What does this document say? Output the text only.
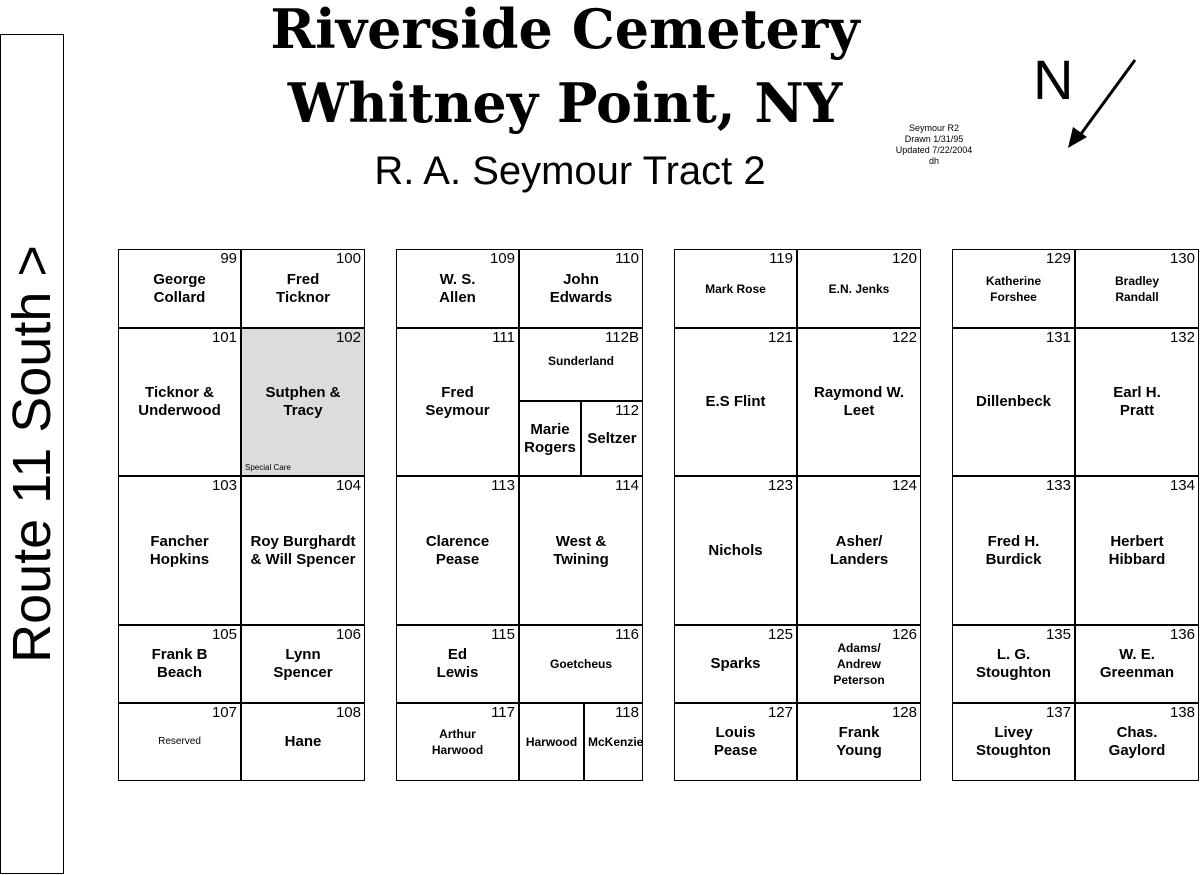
Riverside Cemetery
Whitney Point, NY
R. A. Seymour Tract 2
Seymour R2
Drawn 1/31/95
Updated 7/22/2004
dh
N
Route 11 South >	99
George
Collard
100
Fred
Ticknor
101
Ticknor &
Underwood
102
Sutphen &
Tracy
Special Care
103
Fancher
Hopkins
104
Roy Burghardt
& Will Spencer
105
Frank B
Beach
106
Lynn
Spencer
107
Reserved
108
Hane
109
W. S.
Allen
110
John
Edwards
111
Fred
Seymour
112B
Sunderland
Marie
Rogers
112
Seltzer
113
Clarence
Pease
114
West &
Twining
115
Ed
Lewis
116
Goetcheus
117
Arthur
Harwood
Harwood
118
McKenzie
119
Mark Rose
120
E.N. Jenks
121
E.S Flint
122
Raymond W.
Leet
123
Nichols
124
Asher/
Landers
125
Sparks
126
Adams/
Andrew
Peterson
127
Louis
Pease
128
Frank
Young
129
Katherine
Forshee
130
Bradley
Randall
131
Dillenbeck
132
Earl H.
Pratt
133
Fred H.
Burdick
134
Herbert
Hibbard
135
L. G.
Stoughton
136
W. E.
Greenman
137
Livey
Stoughton
138
Chas.
Gaylord
